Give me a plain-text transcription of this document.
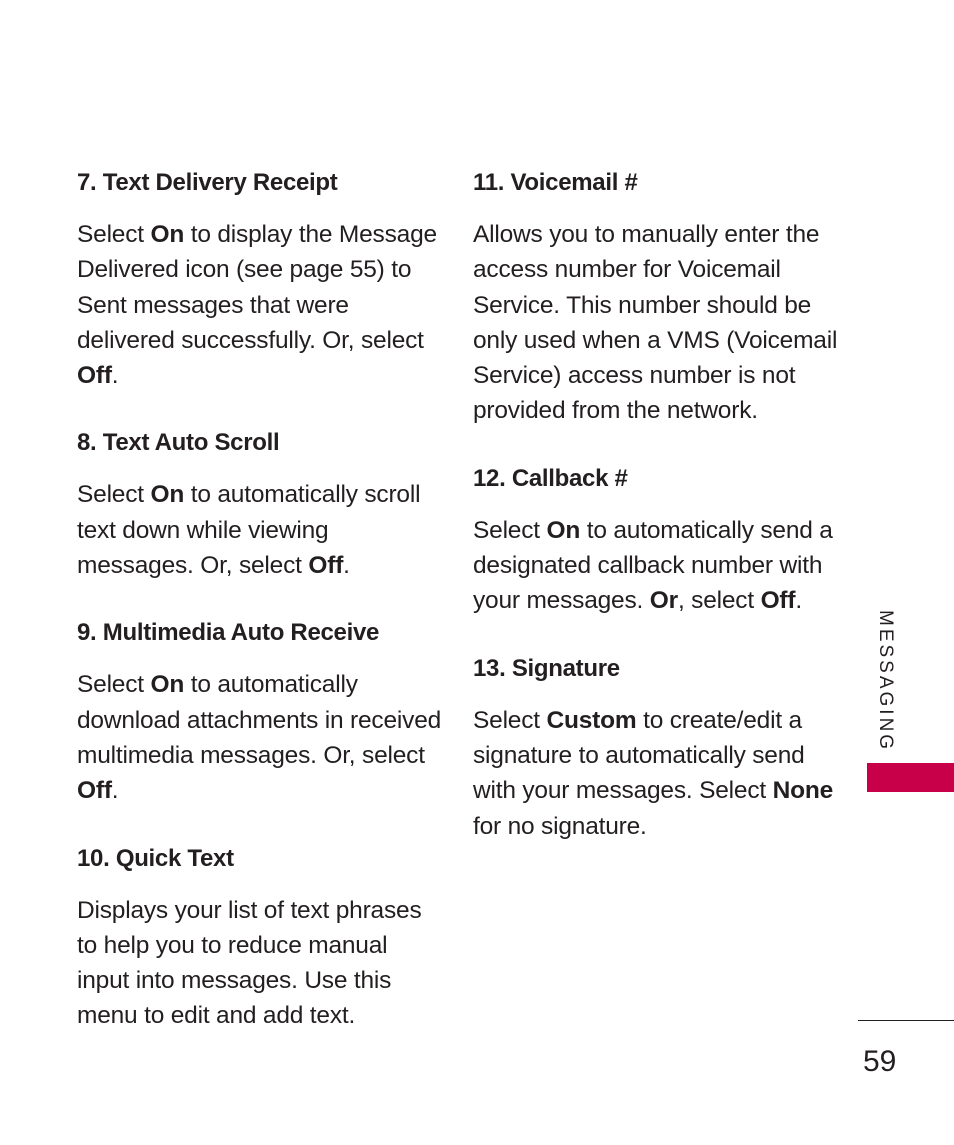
7. Text Delivery Receipt

Select On to display the Message Delivered icon (see page 55) to Sent messages that were delivered successfully. Or, select Off.

8. Text Auto Scroll

Select On to automatically scroll text down while viewing messages. Or, select Off.

9. Multimedia Auto Receive

Select On to automatically download attachments in received multimedia messages. Or, select Off.

10. Quick Text

Displays your list of text phrases to help you to reduce manual input into messages. Use this menu to edit and add text.

11. Voicemail #

Allows you to manually enter the access number for Voicemail Service. This number should be only used when a VMS (Voicemail Service) access number is not provided from the network.

12. Callback #

Select On to automatically send a designated callback number with your messages. Or, select Off.

13. Signature

Select Custom to create/edit a signature to automatically send with your messages. Select None for no signature.

MESSAGING
59
